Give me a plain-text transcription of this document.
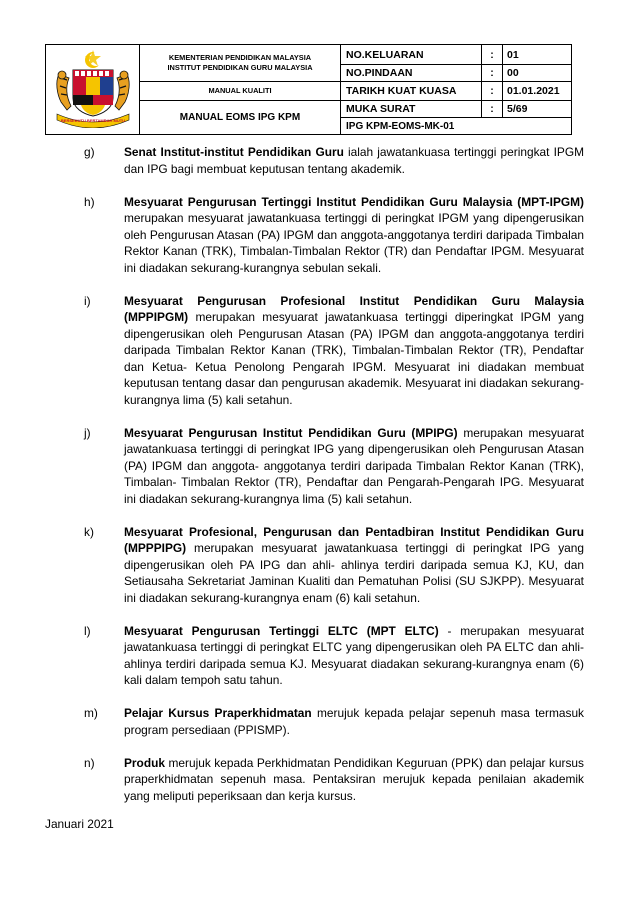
BERSEKUTU BERTAMBAH MUTU	KEMENTERIAN PENDIDIKAN MALAYSIA
INSTITUT PENDIDIKAN GURU MALAYSIA	NO.KELUARAN	:	01
		NO.PINDAAN	:	00
	MANUAL KUALITI	TARIKH KUAT KUASA	:	01.01.2021
	MANUAL EOMS IPG KPM	MUKA SURAT	:	5/69
		IPG KPM-EOMS-MK-01		
g) Senat Institut-institut Pendidikan Guru ialah jawatankuasa tertinggi peringkat IPGM dan IPG bagi membuat keputusan tentang akademik.
h) Mesyuarat Pengurusan Tertinggi Institut Pendidikan Guru Malaysia (MPT-IPGM) merupakan mesyuarat jawatankuasa tertinggi di peringkat IPGM yang dipengerusikan oleh Pengurusan Atasan (PA) IPGM dan anggota-anggotanya terdiri daripada Timbalan Rektor Kanan (TRK), Timbalan-Timbalan Rektor (TR) dan Pendaftar IPGM. Mesyuarat ini diadakan sekurang-kurangnya sebulan sekali.
i)	Mesyuarat Pengurusan Profesional Institut Pendidikan Guru Malaysia (MPPIPGM) merupakan mesyuarat jawatankuasa tertinggi diperingkat IPGM yang dipengerusikan oleh Pengurusan Atasan (PA) IPGM dan anggota-anggotanya terdiri daripada Timbalan Rektor Kanan (TRK), Timbalan-Timbalan Rektor (TR), Pendaftar dan Ketua- Ketua Penolong Pengarah IPGM. Mesyuarat ini diadakan membuat keputusan tentang dasar dan pengurusan akademik. Mesyuarat ini diadakan sekurang- kurangnya lima (5) kali setahun.
j)	Mesyuarat Pengurusan Institut Pendidikan Guru (MPIPG) merupakan mesyuarat jawatankuasa tertinggi di peringkat IPG yang dipengerusikan oleh Pengurusan Atasan (PA) IPGM dan anggota- anggotanya terdiri daripada Timbalan Rektor Kanan (TRK), Timbalan- Timbalan Rektor (TR), Pendaftar dan Pengarah-Pengarah IPG. Mesyuarat ini diadakan sekurang-kurangnya lima (5) kali setahun.
k)	Mesyuarat Profesional, Pengurusan dan Pentadbiran Institut Pendidikan Guru (MPPPIPG) merupakan mesyuarat jawatankuasa tertinggi di peringkat IPG yang dipengerusikan oleh PA IPG dan ahli- ahlinya terdiri daripada semua KJ, KU, dan Setiausaha Sekretariat Jaminan Kualiti dan Pematuhan Polisi (SU SJKPP). Mesyuarat ini diadakan sekurang-kurangnya enam (6) kali setahun.
l)	Mesyuarat Pengurusan Tertinggi ELTC (MPT ELTC) - merupakan mesyuarat jawatankuasa tertinggi di peringkat ELTC yang dipengerusikan oleh PA ELTC dan ahli-ahlinya terdiri daripada semua KJ. Mesyuarat diadakan sekurang-kurangnya enam (6) kali dalam tempoh satu tahun.
m) Pelajar Kursus Praperkhidmatan merujuk kepada pelajar sepenuh masa termasuk program persediaan (PPISMP).
n) Produk merujuk kepada Perkhidmatan Pendidikan Keguruan (PPK) dan pelajar kursus praperkhidmatan sepenuh masa. Pentaksiran merujuk kepada penilaian akademik yang meliputi peperiksaan dan kerja kursus.
Januari 2021
